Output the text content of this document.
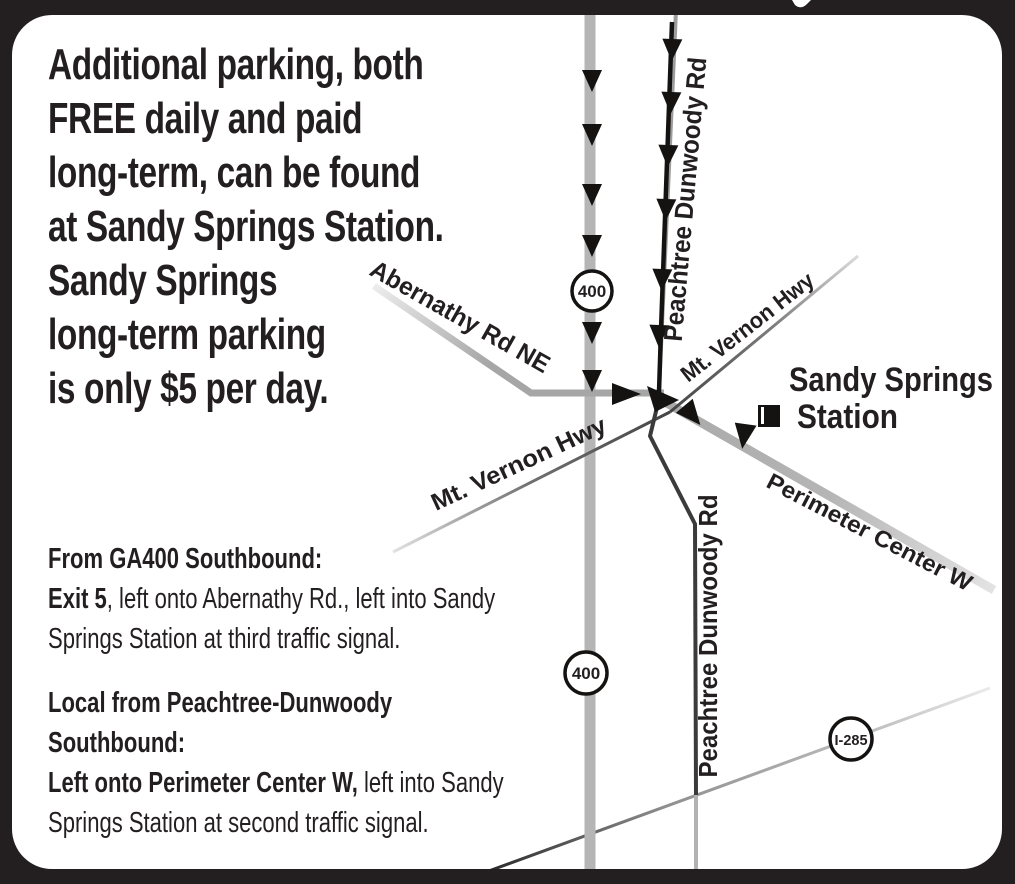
400
400
I-285
Sandy Springs
Station
Abernathy Rd NE	Peachtree Dunwoody Rd
Peachtree Dunwoody Rd
Mt. Vernon Hwy
Mt. Vernon Hwy
Perimeter Center W
Additional parking, both
FREE daily and paid
long-term, can be found
at Sandy Springs Station.
Sandy Springs
long-term parking
is only $5 per day.
From GA400 Southbound:
Exit 5, left onto Abernathy Rd., left into Sandy
Springs Station at third traffic signal.
Local from Peachtree-Dunwoody
Southbound:
Left onto Perimeter Center W, left into Sandy
Springs Station at second traffic signal.
